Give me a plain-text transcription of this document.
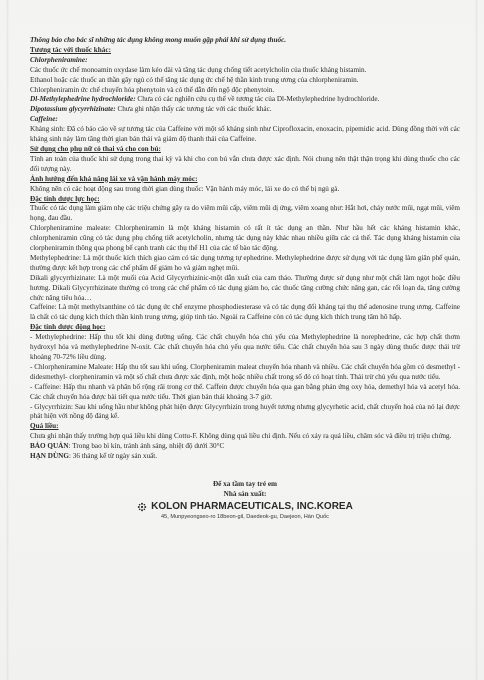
Thông báo cho bác sĩ những tác dụng không mong muốn gặp phải khi sử dụng thuốc.

Tương tác với thuốc khác:

Chlorpheniramine:

Các thuốc ức chế monoamin oxydase làm kéo dài và tăng tác dụng chống tiết acetylcholin của thuốc kháng histamin.

Ethanol hoặc các thuốc an thần gây ngủ có thể tăng tác dụng ức chế hệ thần kinh trung ương của chlorpheniramin.

Chlorpheniramin ức chế chuyển hóa phenytoin và có thể dẫn đến ngộ độc phenytoin.

Dl-Methylephedrine hydrochloride: Chưa có các nghiên cứu cụ thể về tương tác của Dl-Methylephedrine hydrochloride.

Dipotassium glycyrrhizinate: Chưa ghi nhận thấy các tương tác với các thuốc khác.

Caffeine:

Kháng sinh: Đã có báo cáo về sự tương tác của Caffeine với một số kháng sinh như Ciprofloxacin, enoxacin, pipemidic acid. Dùng đồng thời với các kháng sinh này làm tăng thời gian bán thải và giảm độ thanh thải của Caffeine.

Sử dụng cho phụ nữ có thai và cho con bú:

Tính an toàn của thuốc khi sử dụng trong thai kỳ và khi cho con bú vẫn chưa được xác định. Nói chung nên thật thận trọng khi dùng thuốc cho các đối tượng này.

Ảnh hưởng đến khả năng lái xe và vận hành máy móc:

Không nên có các hoạt động sau trong thời gian dùng thuốc: Vận hành máy móc, lái xe do có thể bị ngủ gà.

Đặc tính dược lực học:

Thuốc có tác dụng làm giảm nhẹ các triệu chứng gây ra do viêm mũi cấp, viêm mũi dị ứng, viêm xoang như: Hắt hơi, chảy nước mũi, ngạt mũi, viêm họng, đau đầu.

Chlorpheniramine maleate: Chlorpheniramin là một kháng histamin có rất ít tác dụng an thần. Như hầu hết các kháng histamin khác, chlorpheniramin cũng có tác dụng phụ chống tiết acetylcholin, nhưng tác dụng này khác nhau nhiều giữa các cá thể. Tác dụng kháng histamin của clorpheniramin thông qua phong bế cạnh tranh các thụ thể H1 của các tế bào tác động.

Methylephedrine: Là một thuốc kích thích giao cảm có tác dụng tương tự ephedrine. Methylephedrine được sử dụng với tác dụng làm giãn phế quản, thường được kết hợp trong các chế phẩm để giảm ho và giảm nghẹt mũi.

Dikali glycyrrhizinate: Là một muối của Acid Glycyrrhizinic-một dẫn xuất của cam thảo. Thường được sử dụng như một chất làm ngọt hoặc điều hương. Dikali Glycyrrhizinate thường có trong các chế phẩm có tác dụng giảm ho, các thuốc tăng cường chức năng gan, các rối loạn da, tăng cường chức năng tiêu hóa…

Caffeine: Là một methylxanthine có tác dụng ức chế enzyme phosphodiesterase và có tác dụng đối kháng tại thụ thể adenosine trung ương. Caffeine là chất có tác dụng kích thích thần kinh trung ương, giúp tinh táo. Ngoài ra Caffeine còn có tác dụng kích thích trung tâm hô hấp.

Đặc tính dược động học:

- Methylephedrine: Hấp thu tốt khi dùng đường uống. Các chất chuyển hóa chủ yếu của Methylephedrine là norephedrine, các hợp chất thơm hydroxyl hóa và methylephedrine N-oxit. Các chất chuyển hóa chủ yếu qua nước tiểu. Các chất chuyển hóa sau 3 ngày dùng thuốc được thải trừ khoảng 70-72% liều dùng.

- Chlorpheniramine Maleate: Hấp thu tốt sau khi uống. Clorpheniramin maleat chuyển hóa nhanh và nhiều. Các chất chuyển hóa gồm có desmethyl - didesmethyl- clorpheniramin và một số chất chưa được xác định, một hoặc nhiều chất trong số đó có hoạt tính. Thải trừ chủ yếu qua nước tiểu.

- Caffeine: Hấp thu nhanh và phân bố rộng rãi trong cơ thể. Caffein được chuyển hóa qua gan bằng phản ứng oxy hóa, demethyl hóa và acetyl hóa. Các chất chuyển hóa được bài tiết qua nước tiểu. Thời gian bán thải khoảng 3-7 giờ.

- Glycyrrhizin: Sau khi uống hầu như không phát hiện được Glycyrrhizin trong huyết tương nhưng glycyrhetic acid, chất chuyển hoá của nó lại được phát hiện với nồng độ đáng kể.

Quá liều:

Chưa ghi nhận thấy trường hợp quá liều khi dùng Cottu-F. Không dùng quá liều chỉ định. Nếu có xảy ra quá liều, chăm sóc và điều trị triệu chứng.

BẢO QUẢN: Trong bao bì kín, tránh ánh sáng, nhiệt độ dưới 30°C

HẠN DÙNG: 36 tháng kể từ ngày sản xuất.

Để xa tầm tay trẻ em
Nhà sản xuất:
KOLON PHARMACEUTICALS, INC.KOREA
45, Munpyeongseo-ro 18beon-gil, Daedeok-gu, Daejeon, Hàn Quốc
